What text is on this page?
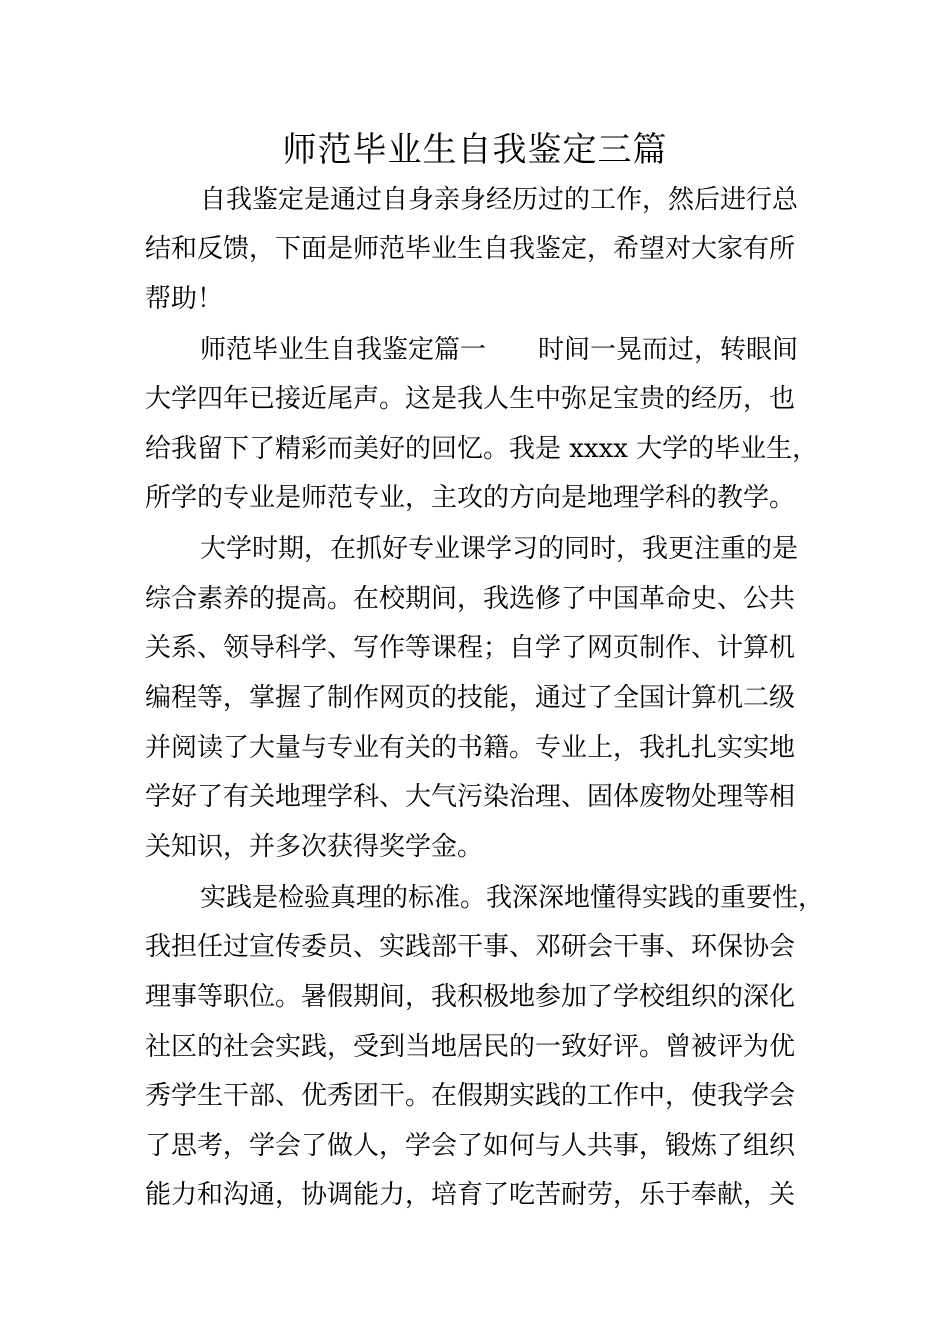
师范毕业生自我鉴定三篇
自我鉴定是通过自身亲身经历过的工作，然后进行总
结和反馈，下面是师范毕业生自我鉴定，希望对大家有所
帮助！
师范毕业生自我鉴定篇一　　时间一晃而过，转眼间
大学四年已接近尾声。这是我人生中弥足宝贵的经历，也
给我留下了精彩而美好的回忆。我是 xxxx 大学的毕业生，
所学的专业是师范专业，主攻的方向是地理学科的教学。
大学时期，在抓好专业课学习的同时，我更注重的是
综合素养的提高。在校期间，我选修了中国革命史、公共
关系、领导科学、写作等课程；自学了网页制作、计算机
编程等，掌握了制作网页的技能，通过了全国计算机二级
并阅读了大量与专业有关的书籍。专业上，我扎扎实实地
学好了有关地理学科、大气污染治理、固体废物处理等相
关知识，并多次获得奖学金。
实践是检验真理的标准。我深深地懂得实践的重要性，
我担任过宣传委员、实践部干事、邓研会干事、环保协会
理事等职位。暑假期间，我积极地参加了学校组织的深化
社区的社会实践，受到当地居民的一致好评。曾被评为优
秀学生干部、优秀团干。在假期实践的工作中，使我学会
了思考，学会了做人，学会了如何与人共事，锻炼了组织
能力和沟通，协调能力，培育了吃苦耐劳，乐于奉献，关
